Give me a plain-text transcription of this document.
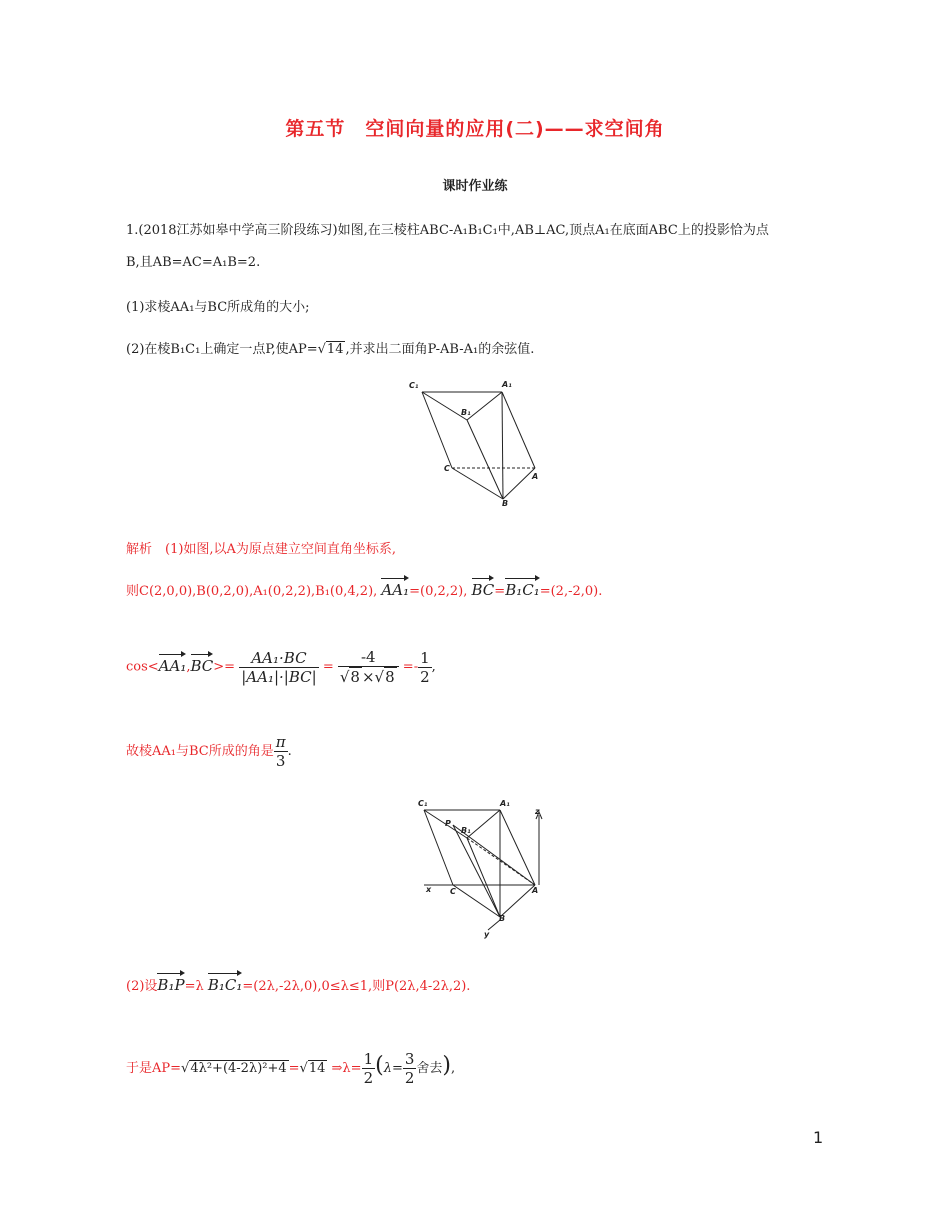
第五节　空间向量的应用(二)——求空间角
课时作业练
1.(2018江苏如皋中学高三阶段练习)如图,在三棱柱ABC-A₁B₁C₁中,AB⊥AC,顶点A₁在底面ABC上的投影恰为点
B,且AB=AC=A₁B=2.
(1)求棱AA₁与BC所成角的大小;
(2)在棱B₁C₁上确定一点P,使AP=√14 ,并求出二面角P-AB-A₁的余弦值.
C₁	A₁
B₁
C
A
B
解析　(1)如图,以A为原点建立空间直角坐标系,
则C(2,0,0),B(0,2,0),A₁(0,2,2),B₁(0,4,2), AA₁=(0,2,2), BC=B₁C₁=(2,-2,0).
$\cos<AA_1,BC>= \frac{\text{AA₁·BC}}{\text{|AA₁|·|BC|}} = \frac{-4}{√8 \times√8} =- \frac{1}{2}$ ,
故棱AA₁与BC所成的角是 $\frac{\pi}{3}$ .
C₁	A₁
P
B₁
x C	A
B
y
z
(2)设B₁P=λ B₁C₁=(2λ,-2λ,0),0≤λ≤1,则P(2λ,4-2λ,2).
于是AP=√4λ²+(4-2λ)²+4 =√14 ⇒λ= $\frac{1}{2} (\lambda= \frac{3}{2}$ 舍去),
1
